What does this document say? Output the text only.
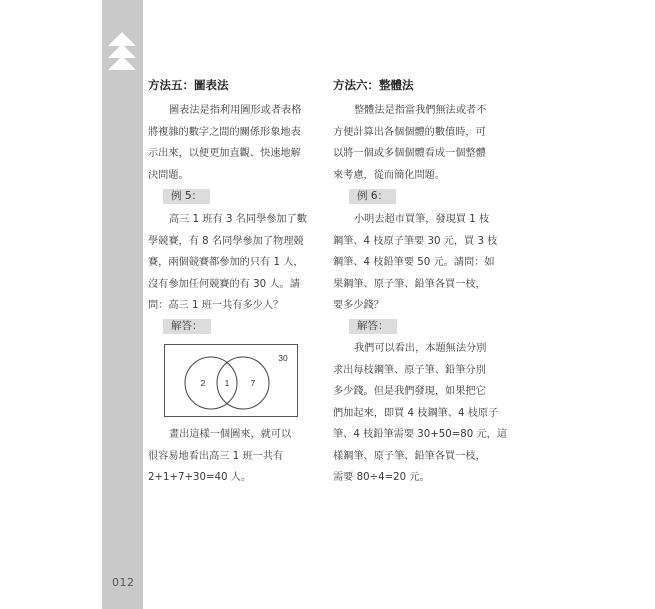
012
方法五：圖表法
圖表法是指利用圖形或者表格
將複雜的數字之間的關係形象地表
示出來，以便更加直觀、快速地解
決問題。
例 5：
高三 1 班有 3 名同學參加了數
學競賽，有 8 名同學參加了物理競
賽，兩個競賽都參加的只有 1 人，
沒有參加任何競賽的有 30 人。請
問：高三 1 班一共有多少人？
解答：
30
2 1	7
畫出這樣一個圖來，就可以
很容易地看出高三 1 班一共有
2+1+7+30=40 人。
方法六：整體法
整體法是指當我們無法或者不
方便計算出各個個體的數值時，可
以將一個或多個個體看成一個整體
來考慮，從而簡化問題。
例 6：
小明去超市買筆，發現買 1 枝
鋼筆、4 枝原子筆要 30 元，買 3 枝
鋼筆、4 枝鉛筆要 50 元。請問：如
果鋼筆、原子筆、鉛筆各買一枝，
要多少錢？
解答：
我們可以看出，本題無法分別
求出每枝鋼筆、原子筆、鉛筆分別
多少錢。但是我們發現，如果把它
們加起來，即買 4 枝鋼筆、4 枝原子
筆、4 枝鉛筆需要 30+50=80 元，這
樣鋼筆、原子筆、鉛筆各買一枝，
需要 80÷4=20 元。
